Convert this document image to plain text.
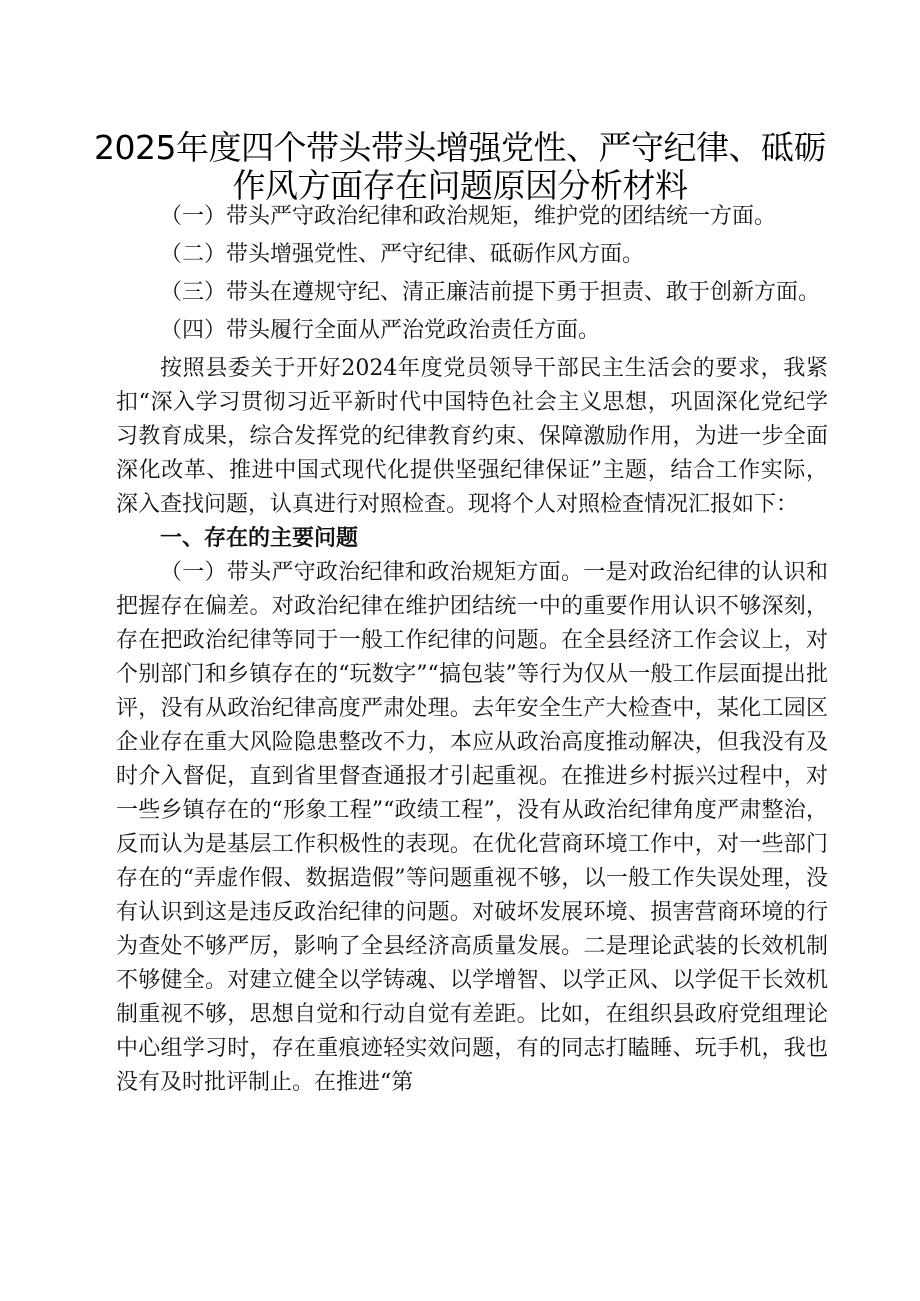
2025年度四个带头带头增强党性、严守纪律、砥砺
作风方面存在问题原因分析材料
（一）带头严守政治纪律和政治规矩，维护党的团结统一方面。
（二）带头增强党性、严守纪律、砥砺作风方面。
（三）带头在遵规守纪、清正廉洁前提下勇于担责、敢于创新方面。
（四）带头履行全面从严治党政治责任方面。

按照县委关于开好2024年度党员领导干部民主生活会的要求，我紧扣“深入学习贯彻习近平新时代中国特色社会主义思想，巩固深化党纪学习教育成果，综合发挥党的纪律教育约束、保障激励作用，为进一步全面深化改革、推进中国式现代化提供坚强纪律保证”主题，结合工作实际，深入查找问题，认真进行对照检查。现将个人对照检查情况汇报如下：

一、存在的主要问题

（一）带头严守政治纪律和政治规矩方面。一是对政治纪律的认识和把握存在偏差。对政治纪律在维护团结统一中的重要作用认识不够深刻，存在把政治纪律等同于一般工作纪律的问题。在全县经济工作会议上，对个别部门和乡镇存在的“玩数字”“搞包装”等行为仅从一般工作层面提出批评，没有从政治纪律高度严肃处理。去年安全生产大检查中，某化工园区企业存在重大风险隐患整改不力，本应从政治高度推动解决，但我没有及时介入督促，直到省里督查通报才引起重视。在推进乡村振兴过程中，对一些乡镇存在的“形象工程”“政绩工程”，没有从政治纪律角度严肃整治，反而认为是基层工作积极性的表现。在优化营商环境工作中，对一些部门存在的“弄虚作假、数据造假”等问题重视不够，以一般工作失误处理，没有认识到这是违反政治纪律的问题。对破坏发展环境、损害营商环境的行为查处不够严厉，影响了全县经济高质量发展。二是理论武装的长效机制不够健全。对建立健全以学铸魂、以学增智、以学正风、以学促干长效机制重视不够，思想自觉和行动自觉有差距。比如，在组织县政府党组理论中心组学习时，存在重痕迹轻实效问题，有的同志打瞌睡、玩手机，我也没有及时批评制止。在推进“第
